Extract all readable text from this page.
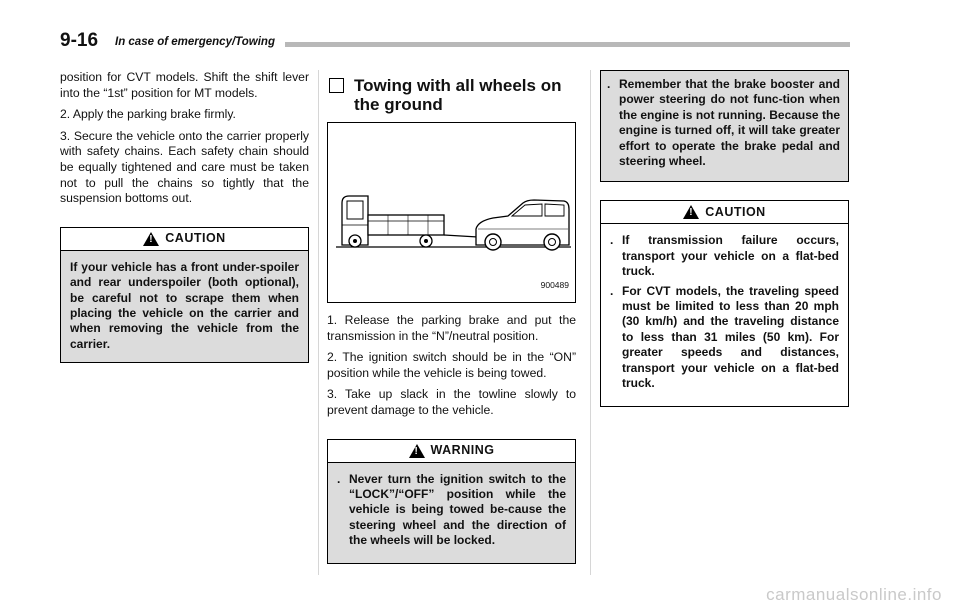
9-16 In case of emergency/Towing

position for CVT models. Shift the shift lever into the “1st” position for MT models.

2. Apply the parking brake firmly.

3. Secure the vehicle onto the carrier properly with safety chains. Each safety chain should be equally tightened and care must be taken not to pull the chains so tightly that the suspension bottoms out.

!
CAUTION

If your vehicle has a front under-spoiler and rear underspoiler (both optional), be careful not to scrape them when placing the vehicle on the carrier and when removing the vehicle from the carrier.

Towing with all wheels on the ground
900489

1. Release the parking brake and put the transmission in the “N”/neutral position.

2. The ignition switch should be in the “ON” position while the vehicle is being towed.

3. Take up slack in the towline slowly to prevent damage to the vehicle.

!
WARNING
. Never turn the ignition switch to the “LOCK”/“OFF” position while the vehicle is being towed be-cause the steering wheel and the direction of the wheels will be locked.
. Remember that the brake booster and power steering do not func-tion when the engine is not running. Because the engine is turned off, it will take greater effort to operate the brake pedal and steering wheel.
!
CAUTION
. If transmission failure occurs, transport your vehicle on a flat-bed truck.
. For CVT models, the traveling speed must be limited to less than 20 mph (30 km/h) and the traveling distance to less than 31 miles (50 km). For greater speeds and distances, transport your vehicle on a flat-bed truck.
carmanualsonline.info
